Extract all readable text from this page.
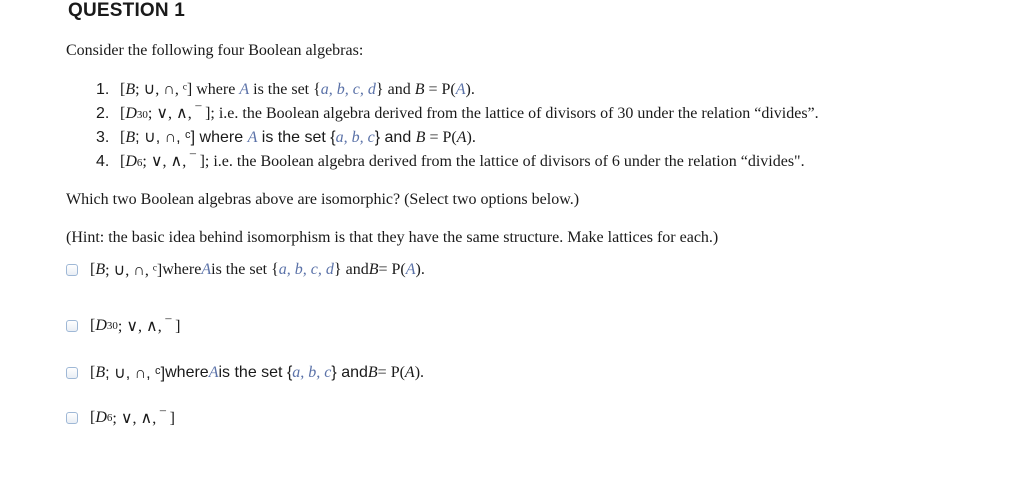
QUESTION 1
Consider the following four Boolean algebras:
1. [B; ∪, ∩, ᶜ] where A is the set {a, b, c, d} and B = P(A).
2. [D30; ∨, ∧, ‾ ]; i.e. the Boolean algebra derived from the lattice of divisors of 30 under the relation “divides”.
3. [B; ∪, ∩, ᶜ] where A is the set {a, b, c} and B = P(A).
4. [D6; ∨, ∧, ‾ ]; i.e. the Boolean algebra derived from the lattice of divisors of 6 under the relation “divides".
Which two Boolean algebras above are isomorphic? (Select two options below.)
(Hint: the basic idea behind isomorphism is that they have the same structure. Make lattices for each.)
[ B ; ∪, ∩, ᶜ] where A is the set { a, b, c, d } and B = P( A ).
[ D 30 ; ∨, ∧, ‾ ]
[ B ; ∪, ∩, ᶜ] where A is the set { a, b, c } and B = P( A ).
[ D 6 ; ∨, ∧, ‾ ]
